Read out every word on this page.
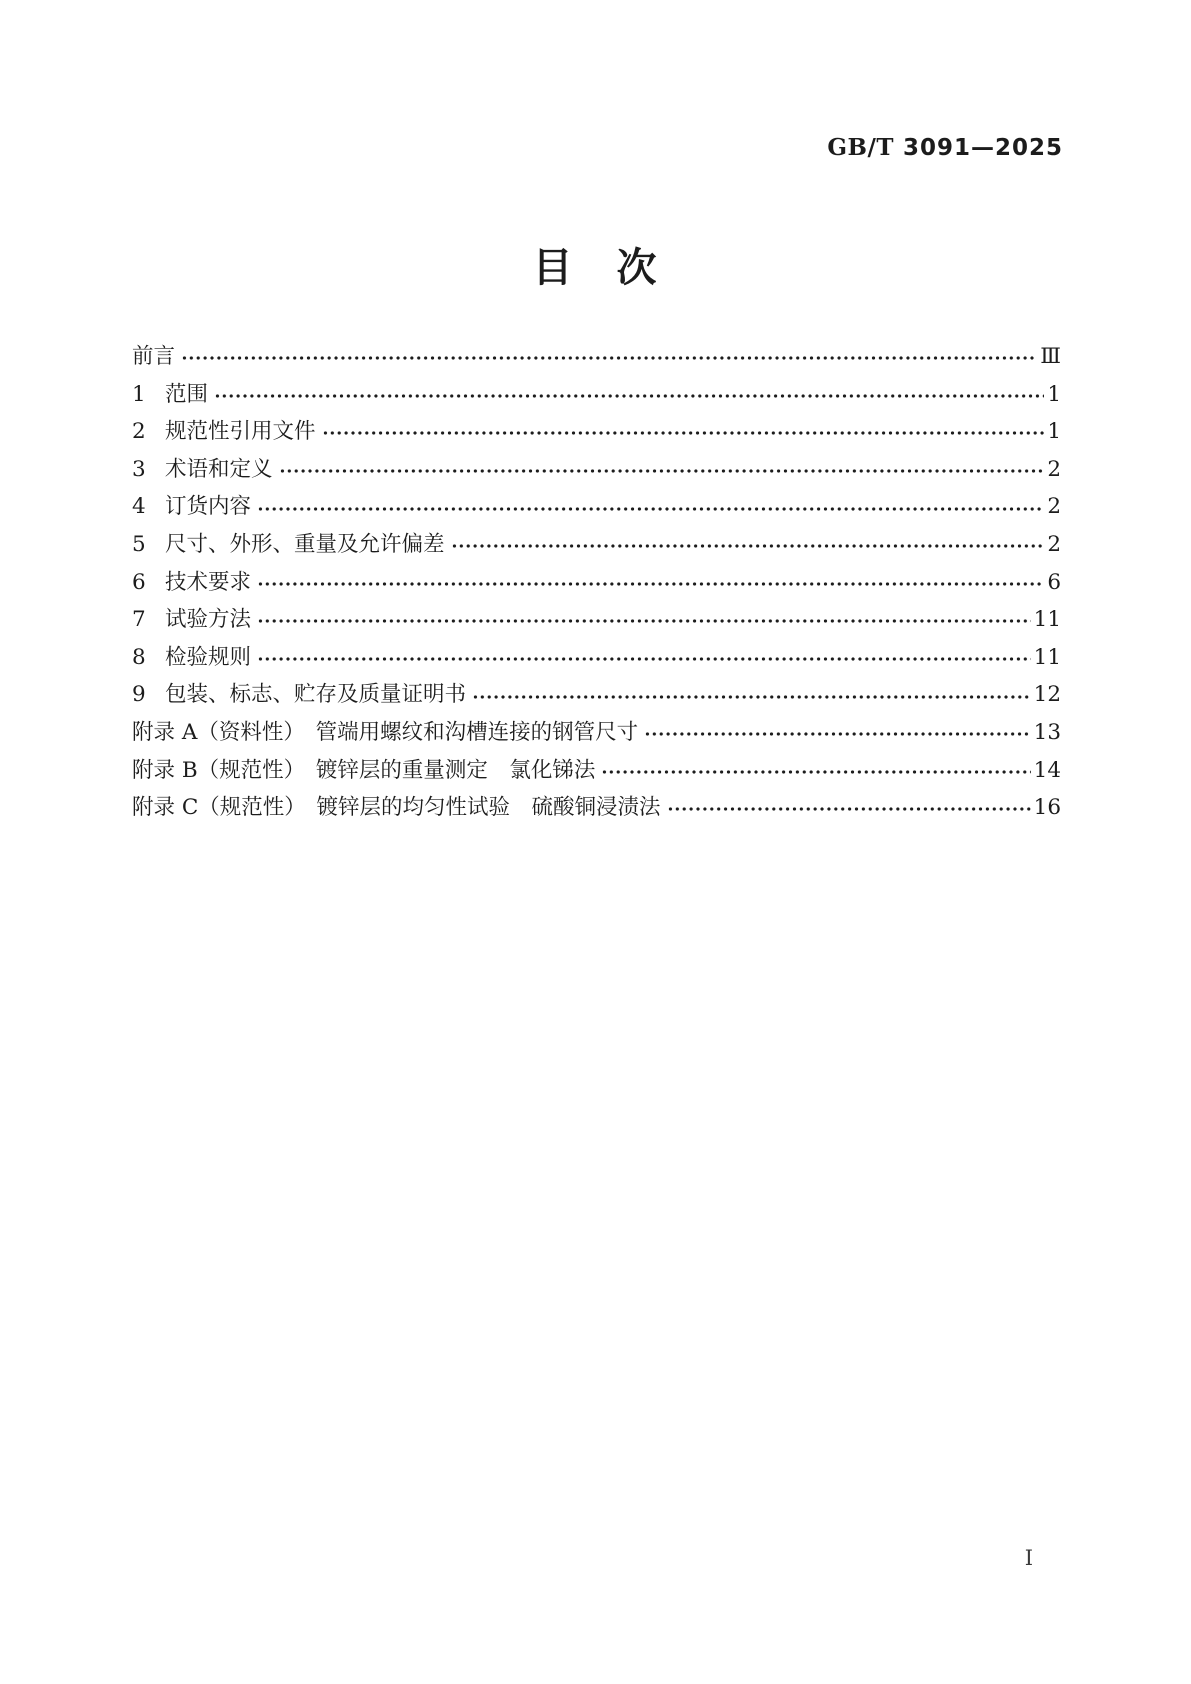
GB/T 3091—2025
目　次
前言	Ⅲ
1 范围	1
2 规范性引用文件	1
3 术语和定义	2
4 订货内容	2
5 尺寸、外形、重量及允许偏差	2
6 技术要求	6
7 试验方法	11
8 检验规则	11
9 包装、标志、贮存及质量证明书	12
附录 A（资料性）　管端用螺纹和沟槽连接的钢管尺寸	13
附录 B（规范性）　镀锌层的重量测定　氯化锑法	14
附录 C（规范性）　镀锌层的均匀性试验　硫酸铜浸渍法	16
Ⅰ
